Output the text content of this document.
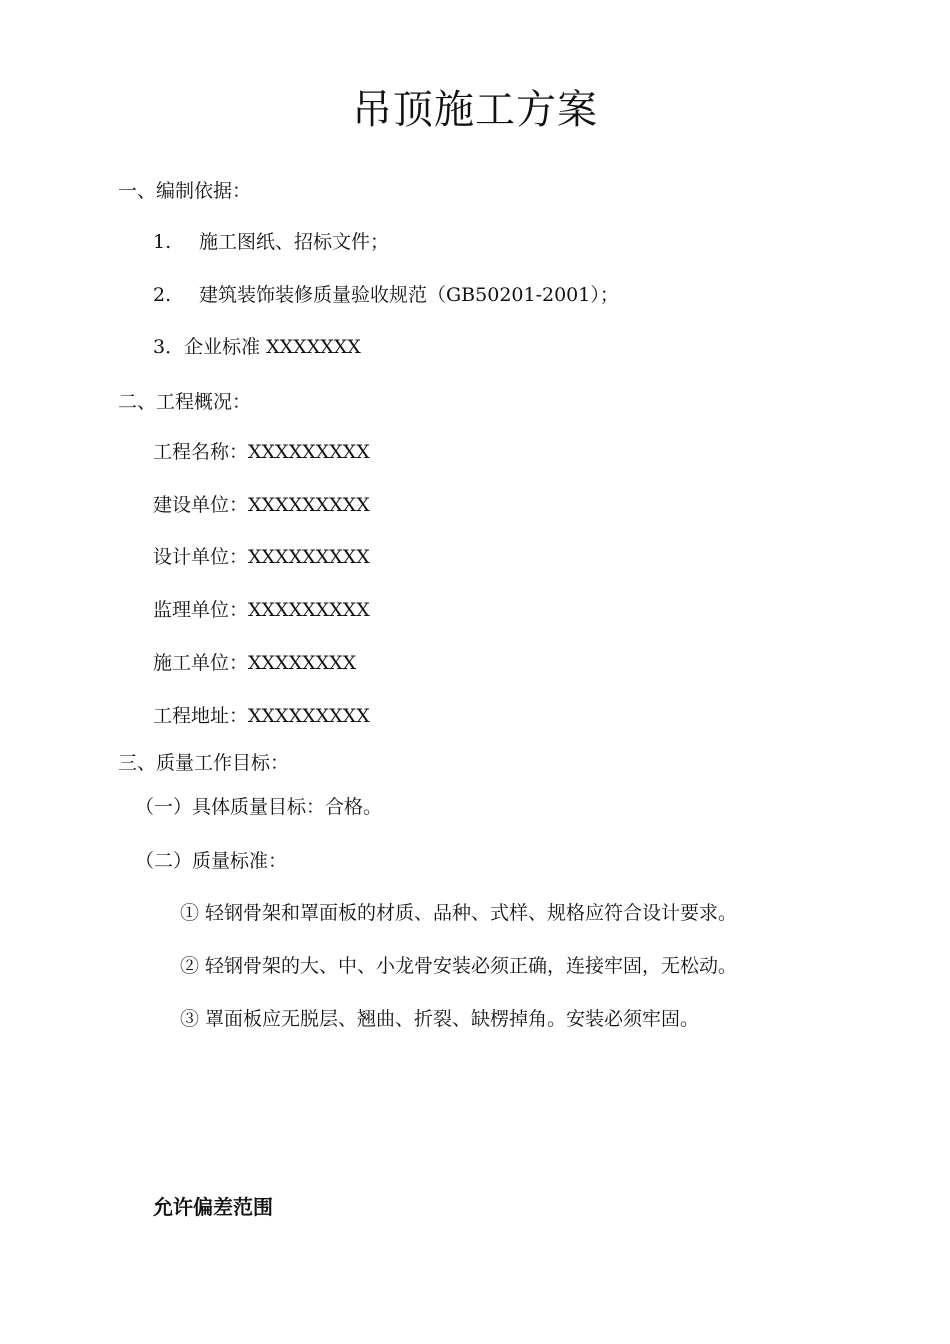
吊顶施工方案
一、编制依据：
1. 施工图纸、招标文件；
2. 建筑装饰装修质量验收规范（GB50201-2001）；
3．企业标准 XXXXXXX
二、工程概况：
工程名称：XXXXXXXXX
建设单位：XXXXXXXXX
设计单位：XXXXXXXXX
监理单位：XXXXXXXXX
施工单位：XXXXXXXX
工程地址：XXXXXXXXX
三、质量工作目标：
（一）具体质量目标：合格。
（二）质量标准：
① 轻钢骨架和罩面板的材质、品种、式样、规格应符合设计要求。
② 轻钢骨架的大、中、小龙骨安装必须正确，连接牢固，无松动。
③ 罩面板应无脱层、翘曲、折裂、缺楞掉角。安装必须牢固。
允许偏差范围
